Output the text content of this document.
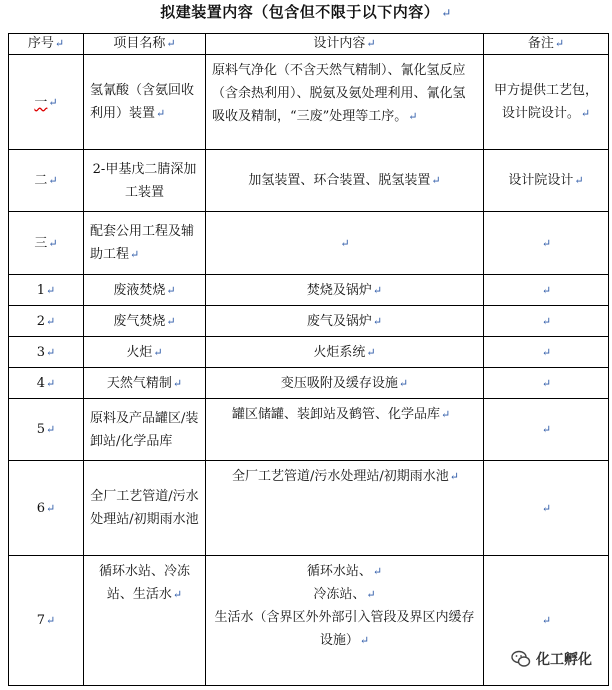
拟建装置内容（包含但不限于以下内容） ↵
序号↵	项目名称↵	设计内容↵	备注↵
一↵	氢氰酸（含氨回收利用）装置↵	原料气净化（不含天然气精制）、氰化氢反应（含余热利用）、脱氨及氨处理利用、氰化氢吸收及精制，“三废”处理等工序。↵	甲方提供工艺包，设计院设计。↵
二↵	2-甲基戊二腈深加工装置	加氢装置、环合装置、脱氢装置↵	设计院设计↵
三↵	配套公用工程及辅助工程↵	↵	↵
1↵	废液焚烧↵	焚烧及锅炉↵	↵
2↵	废气焚烧↵	废气及锅炉↵	↵
3↵	火炬↵	火炬系统↵	↵
4↵	天然气精制↵	变压吸附及缓存设施↵	↵
5↵	原料及产品罐区/装卸站/化学品库	罐区储罐、装卸站及鹤管、化学品库↵	↵
6↵	全厂工艺管道/污水处理站/初期雨水池	全厂工艺管道/污水处理站/初期雨水池↵	↵
7↵	循环水站、冷冻站、生活水↵	循环水站、↵
冷冻站、↵
生活水（含界区外外部引入管段及界区内缓存设施）↵	↵
化工孵化
